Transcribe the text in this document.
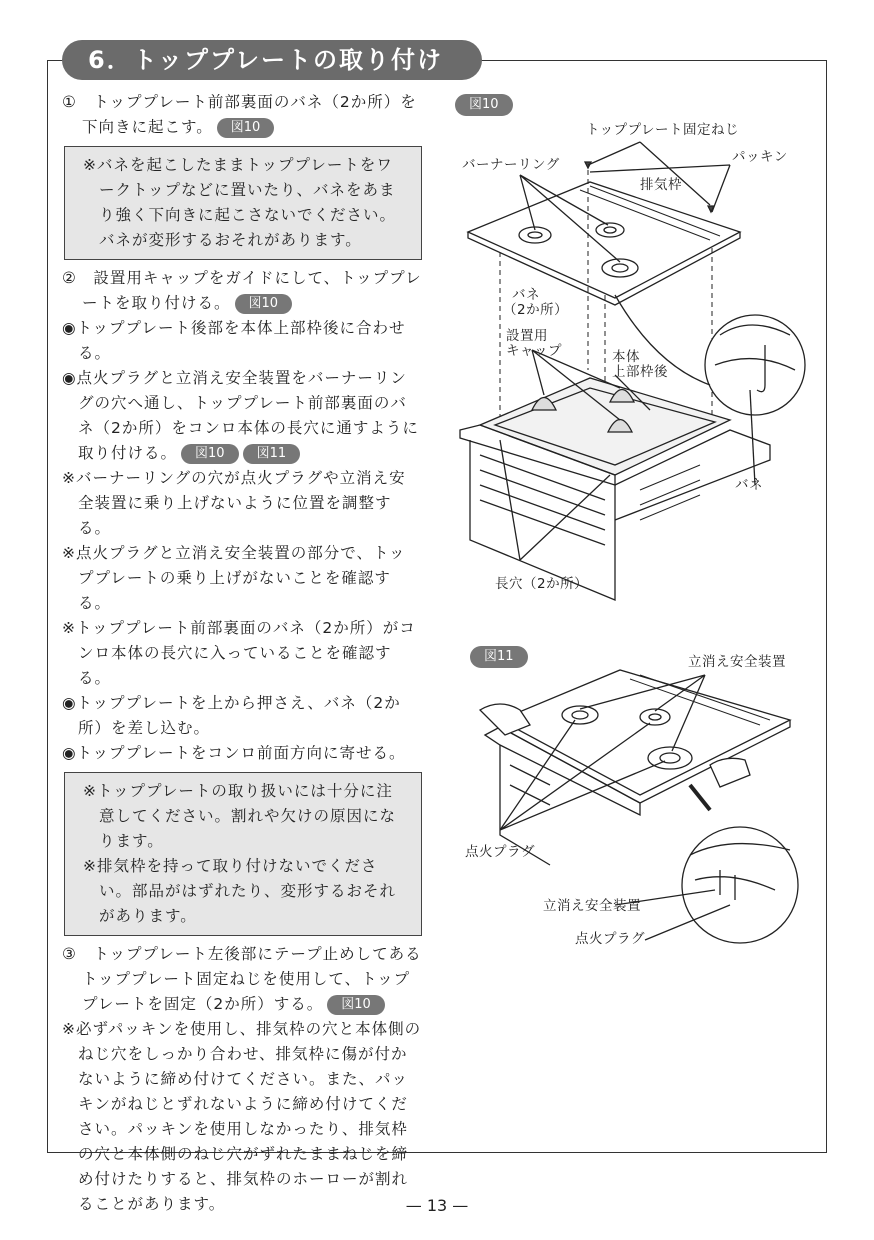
6．トッププレートの取り付け

①　 トッププレート前部裏面のバネ（2か所）を下向きに起こす。 図10

※バネを起こしたままトッププレートをワークトップなどに置いたり、バネをあまり強く下向きに起こさないでください。バネが変形するおそれがあります。

②　 設置用キャップをガイドにして、トッププレートを取り付ける。 図10

◉トッププレート後部を本体上部枠後に合わせる。

◉点火プラグと立消え安全装置をバーナーリングの穴へ通し、トッププレート前部裏面のバネ（2か所）をコンロ本体の長穴に通すように取り付ける。 図10 図11

※バーナーリングの穴が点火プラグや立消え安全装置に乗り上げないように位置を調整する。

※点火プラグと立消え安全装置の部分で、トッププレートの乗り上げがないことを確認する。

※トッププレート前部裏面のバネ（2か所）がコンロ本体の長穴に入っていることを確認する。

◉トッププレートを上から押さえ、バネ（2か所）を差し込む。

◉トッププレートをコンロ前面方向に寄せる。

※トッププレートの取り扱いには十分に注意してください。割れや欠けの原因になります。

※排気枠を持って取り付けないでください。部品がはずれたり、変形するおそれがあります。

③　 トッププレート左後部にテープ止めしてあるトッププレート固定ねじを使用して、トッププレートを固定（2か所）する。 図10

※必ずパッキンを使用し、排気枠の穴と本体側のねじ穴をしっかり合わせ、排気枠に傷が付かないように締め付けてください。また、パッキンがねじとずれないように締め付けてください。パッキンを使用しなかったり、排気枠の穴と本体側のねじ穴がずれたままねじを締め付けたりすると、排気枠のホーローが割れることがあります。

図10
トッププレート固定ねじ
パッキン
バーナーリング
排気枠
バネ
（2か所）
設置用
キャップ	本体
上部枠後
バネ
長穴（2か所）
図11	立消え安全装置
点火プラグ
立消え安全装置
点火プラグ
— 13 —
